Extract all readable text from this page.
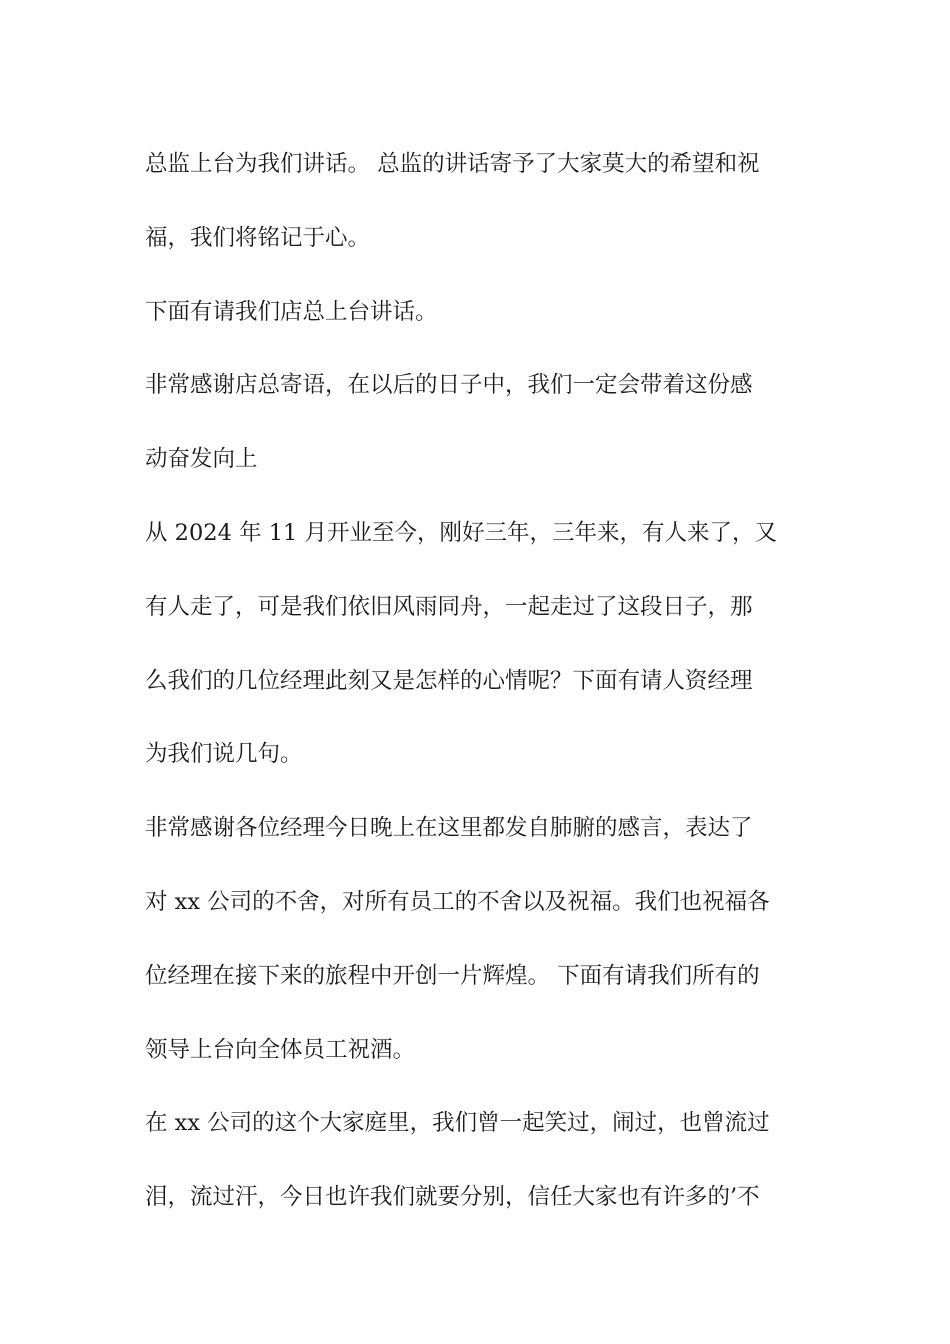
总监上台为我们讲话。 总监的讲话寄予了大家莫大的希望和祝
福，我们将铭记于心。
下面有请我们店总上台讲话。
非常感谢店总寄语，在以后的日子中，我们一定会带着这份感
动奋发向上
从 2024 年 11 月开业至今，刚好三年，三年来，有人来了，又
有人走了，可是我们依旧风雨同舟，一起走过了这段日子，那
么我们的几位经理此刻又是怎样的心情呢？下面有请人资经理
为我们说几句。
非常感谢各位经理今日晚上在这里都发自肺腑的感言，表达了
对 xx 公司的不舍，对所有员工的不舍以及祝福。我们也祝福各
位经理在接下来的旅程中开创一片辉煌。 下面有请我们所有的
领导上台向全体员工祝酒。
在 xx 公司的这个大家庭里，我们曾一起笑过，闹过，也曾流过
泪，流过汗，今日也许我们就要分别，信任大家也有许多的’不
